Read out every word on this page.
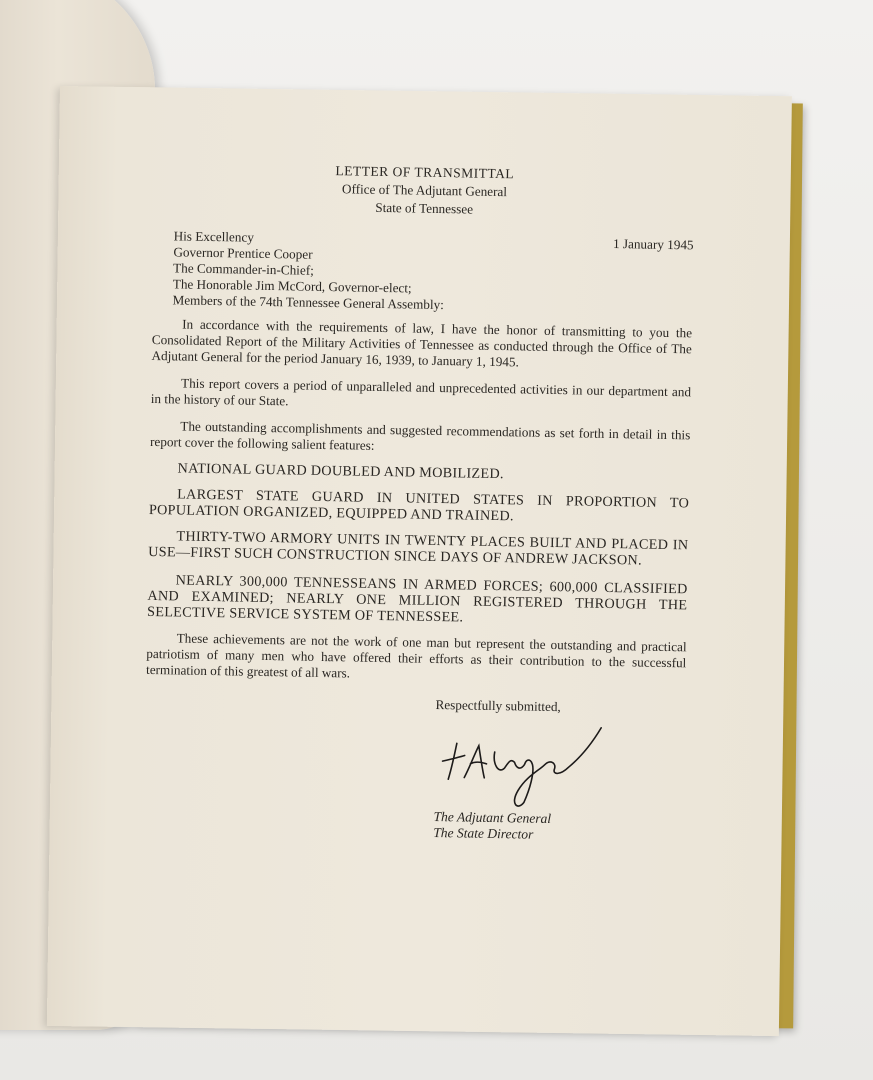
LETTER OF TRANSMITTAL
Office of The Adjutant General
State of Tennessee
1 January 1945
His Excellency
Governor Prentice Cooper
The Commander-in-Chief;
The Honorable Jim McCord, Governor-elect;
Members of the 74th Tennessee General Assembly:

In accordance with the requirements of law, I have the honor of transmitting to you the Consolidated Report of the Military Activities of Tennessee as conducted through the Office of The Adjutant General for the period January 16, 1939, to January 1, 1945.

This report covers a period of unparalleled and unprecedented activities in our department and in the history of our State.

The outstanding accomplishments and suggested recommendations as set forth in detail in this report cover the following salient features:

NATIONAL GUARD DOUBLED AND MOBILIZED.

LARGEST STATE GUARD IN UNITED STATES IN PROPORTION TO POPULATION ORGANIZED, EQUIPPED AND TRAINED.

THIRTY-TWO ARMORY UNITS IN TWENTY PLACES BUILT AND PLACED IN USE—FIRST SUCH CONSTRUCTION SINCE DAYS OF ANDREW JACKSON.

NEARLY 300,000 TENNESSEANS IN ARMED FORCES; 600,000 CLASSIFIED AND EXAMINED; NEARLY ONE MILLION REGISTERED THROUGH THE SELECTIVE SERVICE SYSTEM OF TENNESSEE.

These achievements are not the work of one man but represent the outstanding and practical patriotism of many men who have offered their efforts as their contribution to the successful termination of this greatest of all wars.

Respectfully submitted,
The Adjutant General
The State Director
